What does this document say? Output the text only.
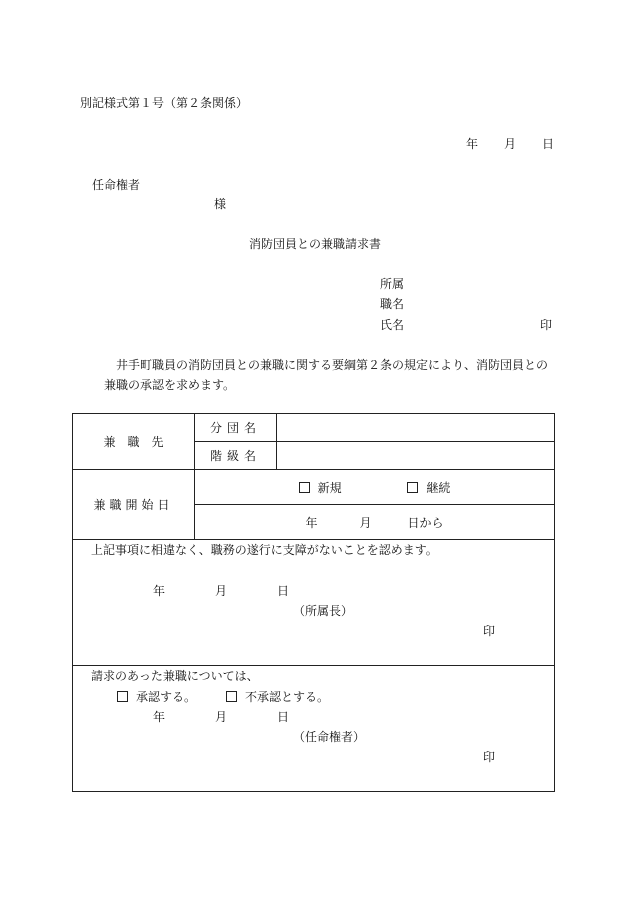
別記様式第１号（第２条関係）
年 月 日
任命権者
様
消防団員との兼職請求書
所属
職名
氏名	印
井手町職員の消防団員との兼職に関する要綱第２条の規定により、消防団員との兼職の承認を求めます。
兼　職　先	分団名	
	階級名	
兼職開始日	新規 継続	
	年 月 日から	

上記事項に相違なく、職務の遂行に支障がないことを認めます。
年 月 日
（所属長）
印		

請求のあった兼職については、
承認する。 不承認とする。
年 月 日
（任命権者）
印		
